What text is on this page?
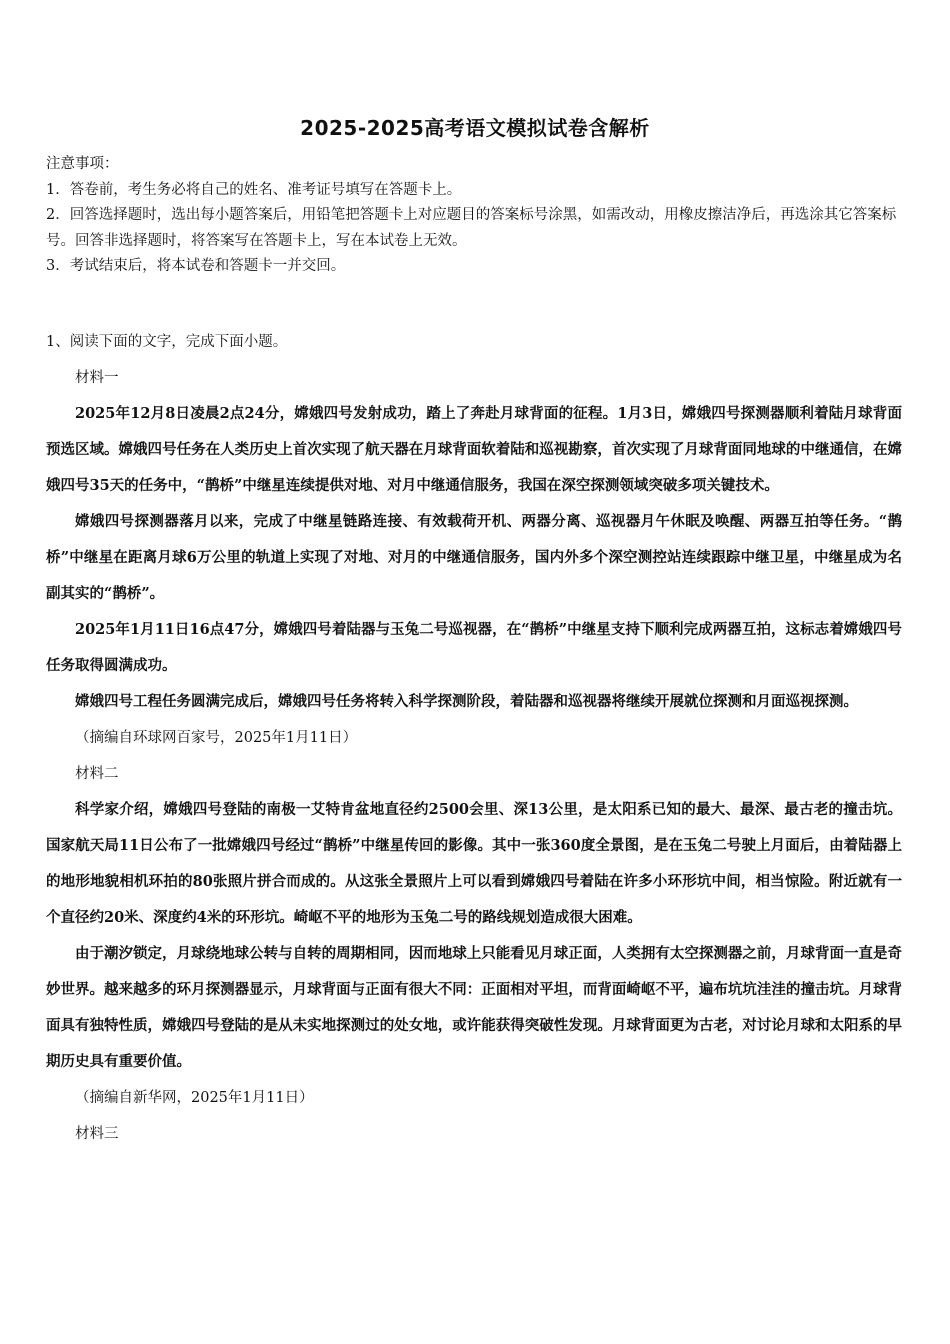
2025-2025高考语文模拟试卷含解析
注意事项：
1．答卷前，考生务必将自己的姓名、准考证号填写在答题卡上。
2．回答选择题时，选出每小题答案后，用铅笔把答题卡上对应题目的答案标号涂黑，如需改动，用橡皮擦洁净后，再选涂其它答案标号。回答非选择题时，将答案写在答题卡上，写在本试卷上无效。
3．考试结束后，将本试卷和答题卡一并交回。

1、阅读下面的文字，完成下面小题。

材料一

2025年12月8日凌晨2点24分，嫦娥四号发射成功，踏上了奔赴月球背面的征程。1月3日，嫦娥四号探测器顺利着陆月球背面预选区域。嫦娥四号任务在人类历史上首次实现了航天器在月球背面软着陆和巡视勘察，首次实现了月球背面同地球的中继通信，在嫦娥四号35天的任务中，“鹊桥”中继星连续提供对地、对月中继通信服务，我国在深空探测领域突破多项关键技术。

嫦娥四号探测器落月以来，完成了中继星链路连接、有效载荷开机、两器分离、巡视器月午休眠及唤醒、两器互拍等任务。“鹊桥”中继星在距离月球6万公里的轨道上实现了对地、对月的中继通信服务，国内外多个深空测控站连续跟踪中继卫星，中继星成为名副其实的“鹊桥”。

2025年1月11日16点47分，嫦娥四号着陆器与玉兔二号巡视器，在“鹊桥”中继星支持下顺利完成两器互拍，这标志着嫦娥四号任务取得圆满成功。

嫦娥四号工程任务圆满完成后，嫦娥四号任务将转入科学探测阶段，着陆器和巡视器将继续开展就位探测和月面巡视探测。

（摘编自环球网百家号，2025年1月11日）

材料二

科学家介绍，嫦娥四号登陆的南极一艾特肯盆地直径约2500会里、深13公里，是太阳系已知的最大、最深、最古老的撞击坑。国家航天局11日公布了一批嫦娥四号经过“鹊桥”中继星传回的影像。其中一张360度全景图，是在玉兔二号驶上月面后，由着陆器上的地形地貌相机环拍的80张照片拼合而成的。从这张全景照片上可以看到嫦娥四号着陆在许多小环形坑中间，相当惊险。附近就有一个直径约20米、深度约4米的环形坑。崎岖不平的地形为玉兔二号的路线规划造成很大困难。

由于潮汐锁定，月球绕地球公转与自转的周期相同，因而地球上只能看见月球正面，人类拥有太空探测器之前，月球背面一直是奇妙世界。越来越多的环月探测器显示，月球背面与正面有很大不同：正面相对平坦，而背面崎岖不平，遍布坑坑洼洼的撞击坑。月球背面具有独特性质，嫦娥四号登陆的是从未实地探测过的处女地，或许能获得突破性发现。月球背面更为古老，对讨论月球和太阳系的早期历史具有重要价值。

（摘编自新华网，2025年1月11日）

材料三
